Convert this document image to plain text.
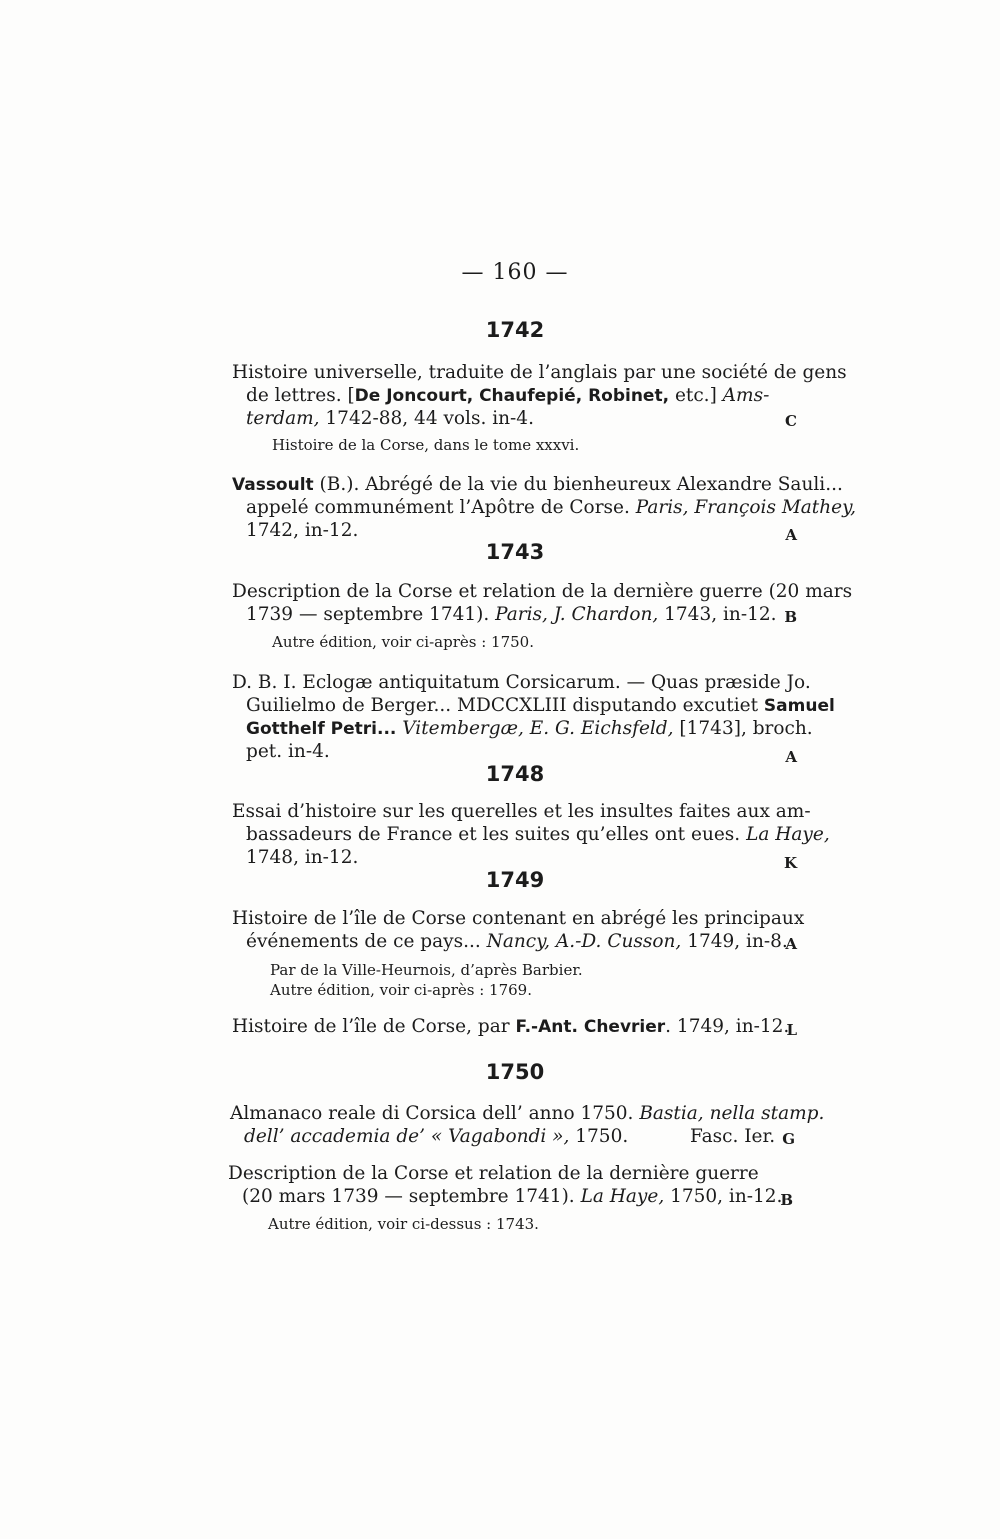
— 160 —
1742
Histoire universelle, traduite de l’anglais par une société de gens
de lettres. [De Joncourt, Chaufepié, Robinet, etc.] Ams-
terdam, 1742-88, 44 vols. in-4.	C
Histoire de la Corse, dans le tome xxxvi.
Vassoult (B.). Abrégé de la vie du bienheureux Alexandre Sauli...
appelé communément l’Apôtre de Corse. Paris, François Mathey,
1742, in-12.	A
1743
Description de la Corse et relation de la dernière guerre (20 mars
1739 — septembre 1741). Paris, J. Chardon, 1743, in-12. B
Autre édition, voir ci-après : 1750.
D. B. I. Eclogæ antiquitatum Corsicarum. — Quas præside Jo.
Guilielmo de Berger... MDCCXLIII disputando excutiet Samuel
Gotthelf Petri... Vitembergæ, E. G. Eichsfeld, [1743], broch.
pet. in-4.	A
1748
Essai d’histoire sur les querelles et les insultes faites aux am-
bassadeurs de France et les suites qu’elles ont eues. La Haye,
1748, in-12.	K
1749
Histoire de l’île de Corse contenant en abrégé les principaux
événements de ce pays... Nancy, A.-D. Cusson, 1749, in-8.
A
Par de la Ville-Heurnois, d’après Barbier.
Autre édition, voir ci-après : 1769.
Histoire de l’île de Corse, par F.-Ant. Chevrier. 1749, in-12.
L
1750
Almanaco reale di Corsica dell’ anno 1750. Bastia, nella stamp.
dell’ accademia de’ « Vagabondi », 1750.	Fasc. Ier. G
Description de la Corse et relation de la dernière guerre
(20 mars 1739 — septembre 1741). La Haye, 1750, in-12.
B
Autre édition, voir ci-dessus : 1743.
